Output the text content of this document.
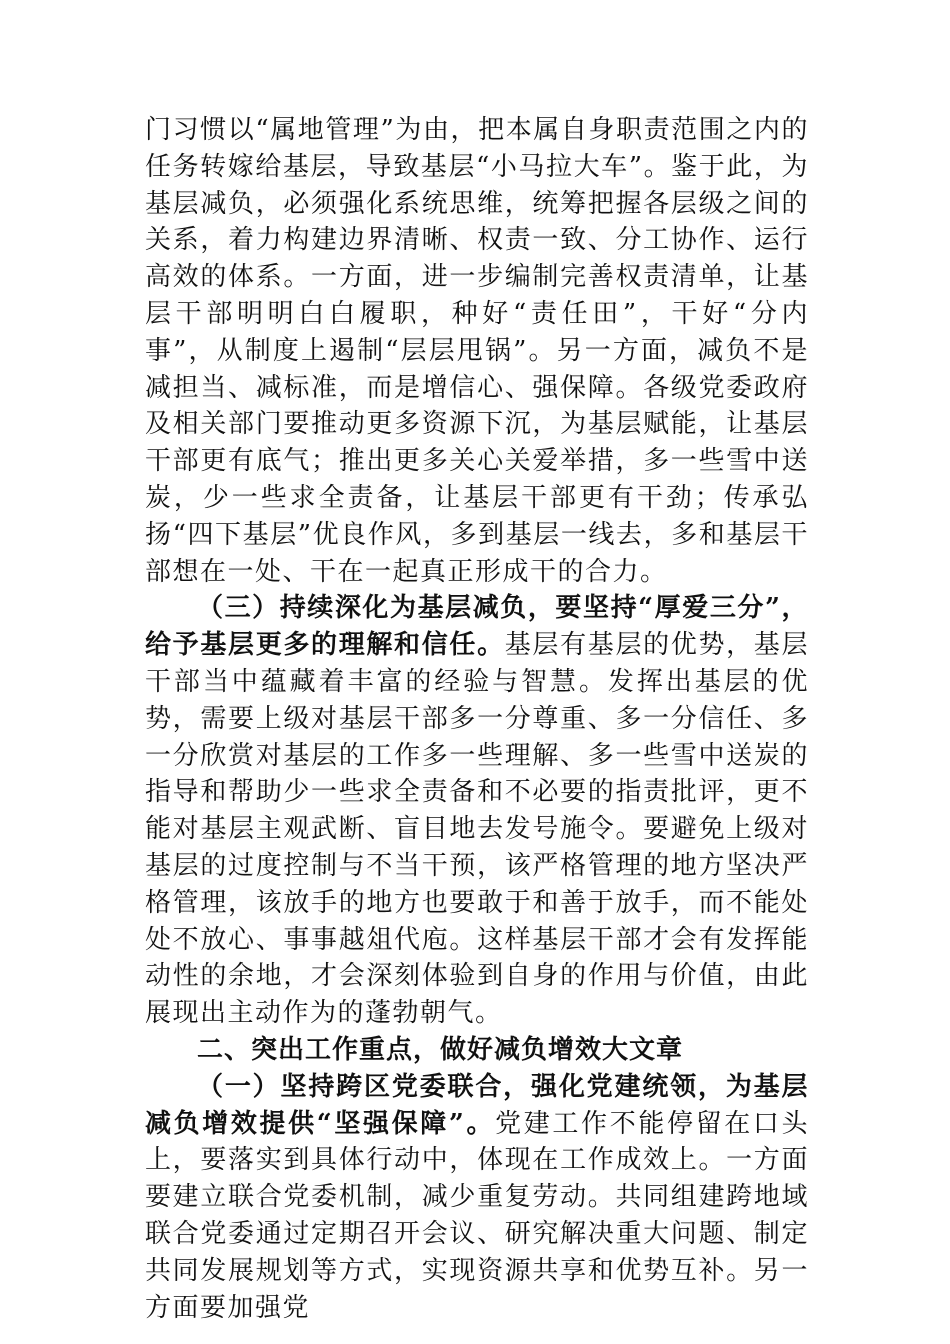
门习惯以“属地管理”为由，把本属自身职责范围之内的任务转嫁给基层，导致基层“小马拉大车”。鉴于此，为基层减负，必须强化系统思维，统筹把握各层级之间的关系，着力构建边界清晰、权责一致、分工协作、运行高效的体系。一方面，进一步编制完善权责清单，让基层干部明明白白履职，种好“责任田”，干好“分内事”，从制度上遏制“层层甩锅”。另一方面，减负不是减担当、减标准，而是增信心、强保障。各级党委政府及相关部门要推动更多资源下沉，为基层赋能，让基层干部更有底气；推出更多关心关爱举措，多一些雪中送炭，少一些求全责备，让基层干部更有干劲；传承弘扬“四下基层”优良作风，多到基层一线去，多和基层干部想在一处、干在一起真正形成干的合力。

（三）持续深化为基层减负，要坚持“厚爱三分”，给予基层更多的理解和信任。基层有基层的优势，基层干部当中蕴藏着丰富的经验与智慧。发挥出基层的优势，需要上级对基层干部多一分尊重、多一分信任、多一分欣赏对基层的工作多一些理解、多一些雪中送炭的指导和帮助少一些求全责备和不必要的指责批评，更不能对基层主观武断、盲目地去发号施令。要避免上级对基层的过度控制与不当干预，该严格管理的地方坚决严格管理，该放手的地方也要敢于和善于放手，而不能处处不放心、事事越俎代庖。这样基层干部才会有发挥能动性的余地，才会深刻体验到自身的作用与价值，由此展现出主动作为的蓬勃朝气。

二、突出工作重点，做好减负增效大文章

（一）坚持跨区党委联合，强化党建统领，为基层减负增效提供“坚强保障”。党建工作不能停留在口头上，要落实到具体行动中，体现在工作成效上。一方面要建立联合党委机制，减少重复劳动。共同组建跨地域联合党委通过定期召开会议、研究解决重大问题、制定共同发展规划等方式，实现资源共享和优势互补。另一方面要加强党
